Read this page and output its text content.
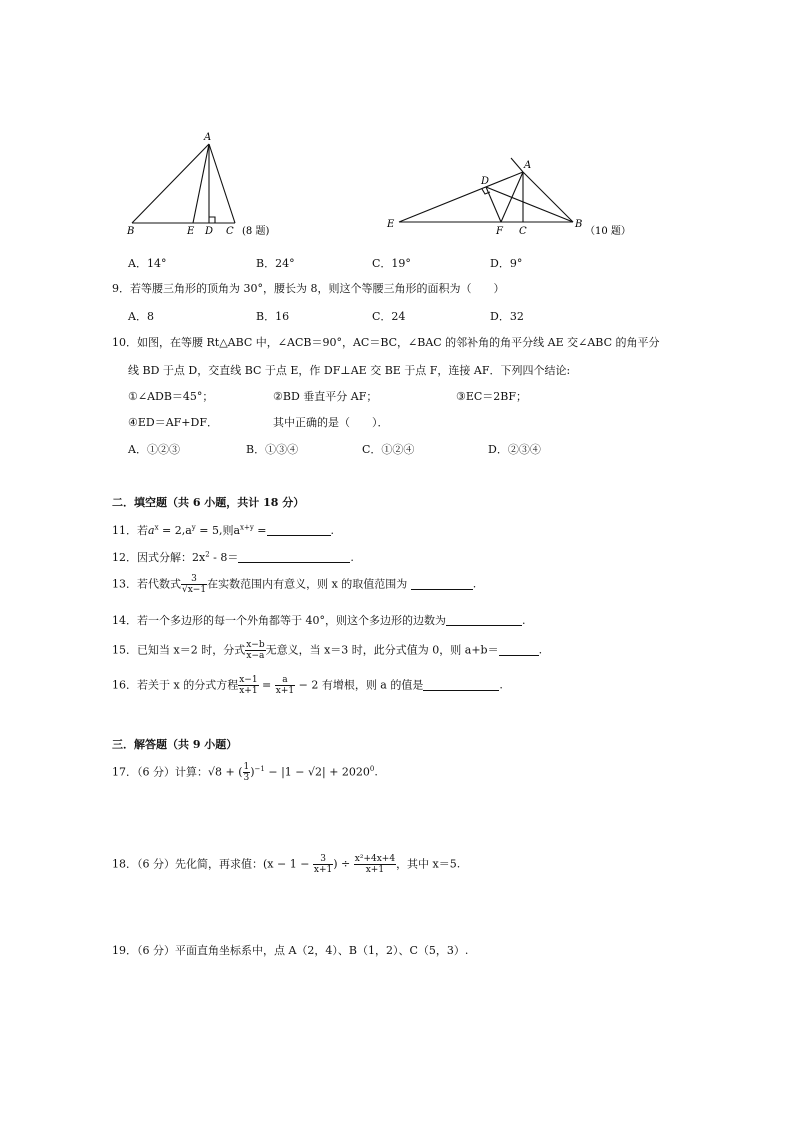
A
B	E D C (8 题)
A
D
E
F C
B
（10 题）
A．14°	B．24°	C．19°	D．9°
9．若等腰三角形的顶角为 30°，腰长为 8，则这个等腰三角形的面积为（　　）
A．8	B．16	C．24	D．32
10．如图，在等腰 Rt△ABC 中，∠ACB＝90°，AC＝BC，∠BAC 的邻补角的角平分线 AE 交∠ABC 的角平分
线 BD 于点 D，交直线 BC 于点 E，作 DF⊥AE 交 BE 于点 F，连接 AF．下列四个结论:
①∠ADB＝45°；	②BD 垂直平分 AF；	③EC＝2BF；
④ED＝AF+DF．	其中正确的是（　　）．
A．①②③	B．①③④	C．①②④	D．②③④
二．填空题（共 6 小题，共计 18 分）
11．若$a^x = 2,a^y = 5$,则$a^{x+y}$ =	.
12．因式分解：$2x^2 - 8=$	.
13．若代数式 $\frac{3}{√x-1}$ 在实数范围内有意义，则 x 的取值范围为	.
14．若一个多边形的每一个外角都等于 40°，则这个多边形的边数为	.
15．已知当 x＝2 时，分式 $\frac{x-b}{x-a}$ 无意义，当 x＝3 时，此分式值为 0，则 a+b＝	.
16．若关于 x 的分式方程 $\frac{x-1}{x+1} = \frac{a}{x+1} - 2$ 有增根，则 a 的值是	.
三．解答题（共 9 小题）
17．（6 分）计算：√8 + ( $\frac{1}{3} )^{-1} - |1 - √2| + 2020^0$.
18．（6 分）先化简，再求值：($x - 1 - \frac{3}{x+1}$ ) ÷ $\frac{\text{x²+4x+4}}{x+1}$ ，其中 x＝5.
19．（6 分）平面直角坐标系中，点 A（2，4）、B（1，2）、C（5，3）.
